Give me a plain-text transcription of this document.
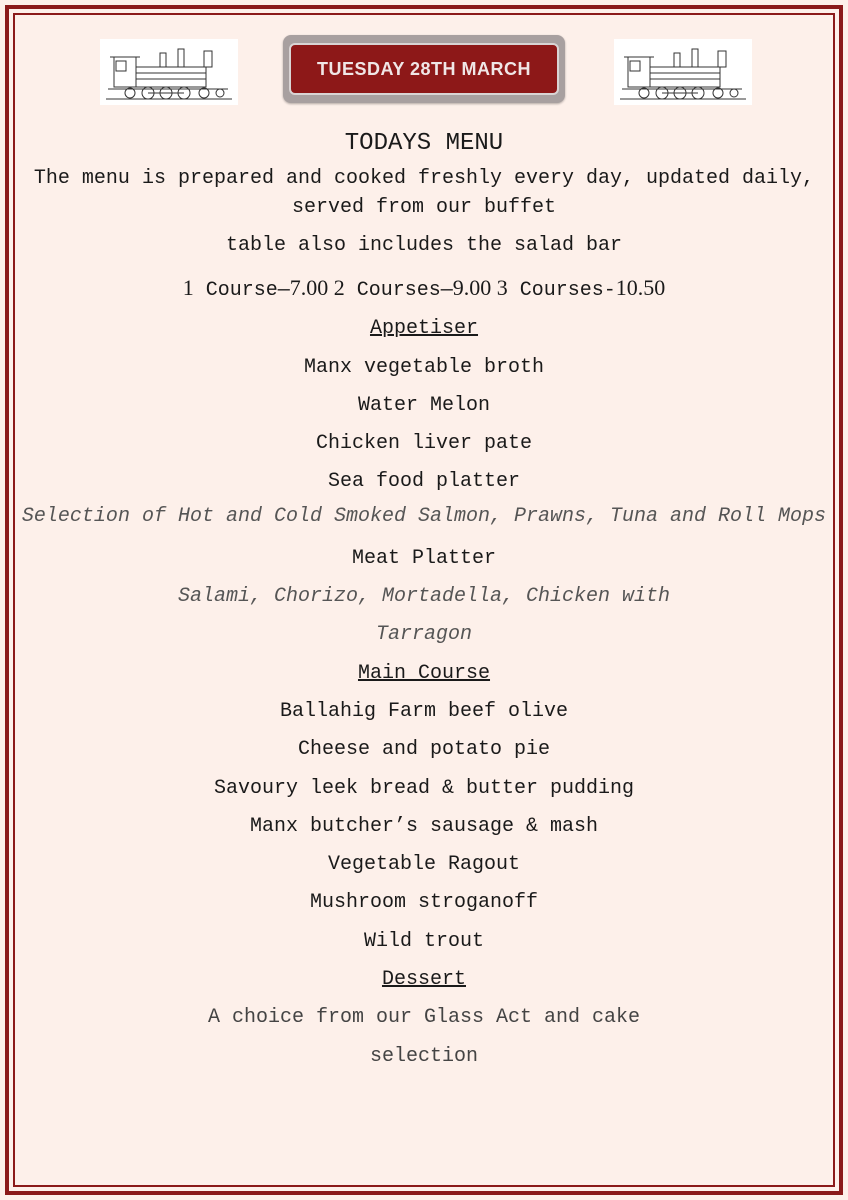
TUESDAY 28TH MARCH
TODAYS MENU
The menu is prepared and cooked freshly every day, updated daily, served from our buffet
table also includes the salad bar
1 Course—7.00 2 Courses—9.00 3 Courses-10.50
Appetiser
Manx vegetable broth
Water Melon
Chicken liver pate
Sea food platter
Selection of Hot and Cold Smoked Salmon, Prawns, Tuna and Roll Mops
Meat Platter
Salami, Chorizo, Mortadella, Chicken with
Tarragon
Main Course
Ballahig Farm beef olive
Cheese and potato pie
Savoury leek bread & butter pudding
Manx butcher’s sausage & mash
Vegetable Ragout
Mushroom stroganoff
Wild trout
Dessert
A choice from our Glass Act and cake
selection
